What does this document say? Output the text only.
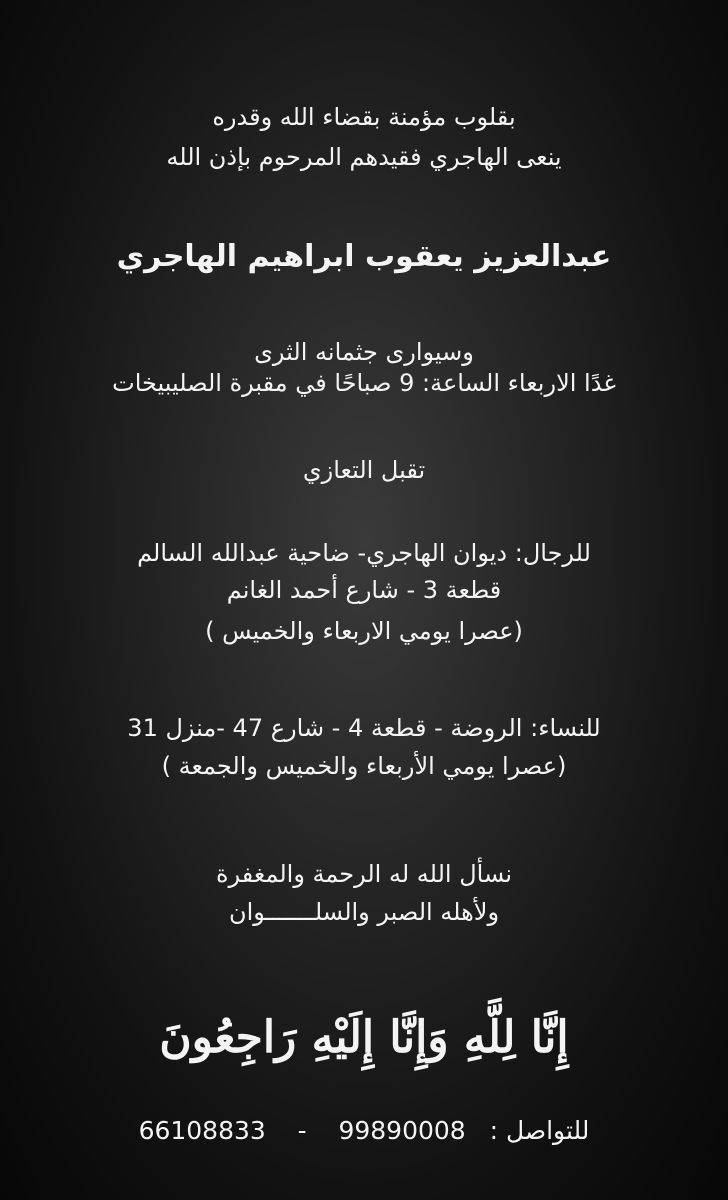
بقلوب مؤمنة بقضاء الله وقدره
ينعى الهاجري فقيدهم المرحوم بإذن الله
عبدالعزيز يعقوب ابراهيم الهاجري
وسيوارى جثمانه الثرى
غدًا الاربعاء الساعة: 9 صباحًا في مقبرة الصليبيخات
تقبل التعازي
للرجال: ديوان الهاجري- ضاحية عبدالله السالم
قطعة 3 - شارع أحمد الغانم
(عصرا يومي الاربعاء والخميس )
للنساء: الروضة - قطعة 4 - شارع 47 -منزل 31
(عصرا يومي الأربعاء والخميس والجمعة )
نسأل الله له الرحمة والمغفرة
ولأهله الصبر والسلـــــــوان
إِنَّا لِلَّهِ وَإِنَّا إِلَيْهِ رَاجِعُونَ
للتواصل :   99890008    -    66108833
